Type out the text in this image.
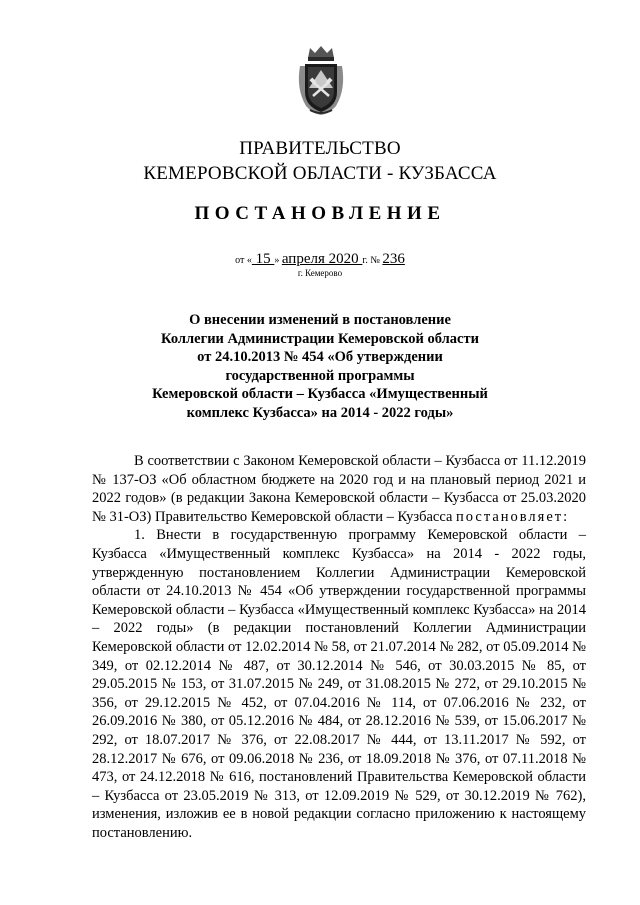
ПРАВИТЕЛЬСТВО
КЕМЕРОВСКОЙ ОБЛАСТИ - КУЗБАССА
ПОСТАНОВЛЕНИЕ
от « 15 » апреля 2020 г. № 236
г. Кемерово
О внесении изменений в постановление
Коллегии Администрации Кемеровской области
от 24.10.2013 № 454 «Об утверждении
государственной программы
Кемеровской области – Кузбасса «Имущественный
комплекс Кузбасса» на 2014 - 2022 годы»

В соответствии с Законом Кемеровской области – Кузбасса от 11.12.2019 № 137-ОЗ «Об областном бюджете на 2020 год и на плановый период 2021 и 2022 годов» (в редакции Закона Кемеровской области – Кузбасса от 25.03.2020 № 31-ОЗ) Правительство Кемеровской области – Кузбасса постановляет:

1. Внести в государственную программу Кемеровской области – Кузбасса «Имущественный комплекс Кузбасса» на 2014 - 2022 годы, утвержденную постановлением Коллегии Администрации Кемеровской области от 24.10.2013 № 454 «Об утверждении государственной программы Кемеровской области – Кузбасса «Имущественный комплекс Кузбасса» на 2014 – 2022 годы» (в редакции постановлений Коллегии Администрации Кемеровской области от 12.02.2014 № 58, от 21.07.2014 № 282, от 05.09.2014 № 349, от 02.12.2014 № 487, от 30.12.2014 № 546, от 30.03.2015 № 85, от 29.05.2015 № 153, от 31.07.2015 № 249, от 31.08.2015 № 272, от 29.10.2015 № 356, от 29.12.2015 № 452, от 07.04.2016 № 114, от 07.06.2016 № 232, от 26.09.2016 № 380, от 05.12.2016 № 484, от 28.12.2016 № 539, от 15.06.2017 № 292, от 18.07.2017 № 376, от 22.08.2017 № 444, от 13.11.2017 № 592, от 28.12.2017 № 676, от 09.06.2018 № 236, от 18.09.2018 № 376, от 07.11.2018 № 473, от 24.12.2018 № 616, постановлений Правительства Кемеровской области – Кузбасса от 23.05.2019 № 313, от 12.09.2019 № 529, от 30.12.2019 № 762), изменения, изложив ее в новой редакции согласно приложению к настоящему постановлению.
